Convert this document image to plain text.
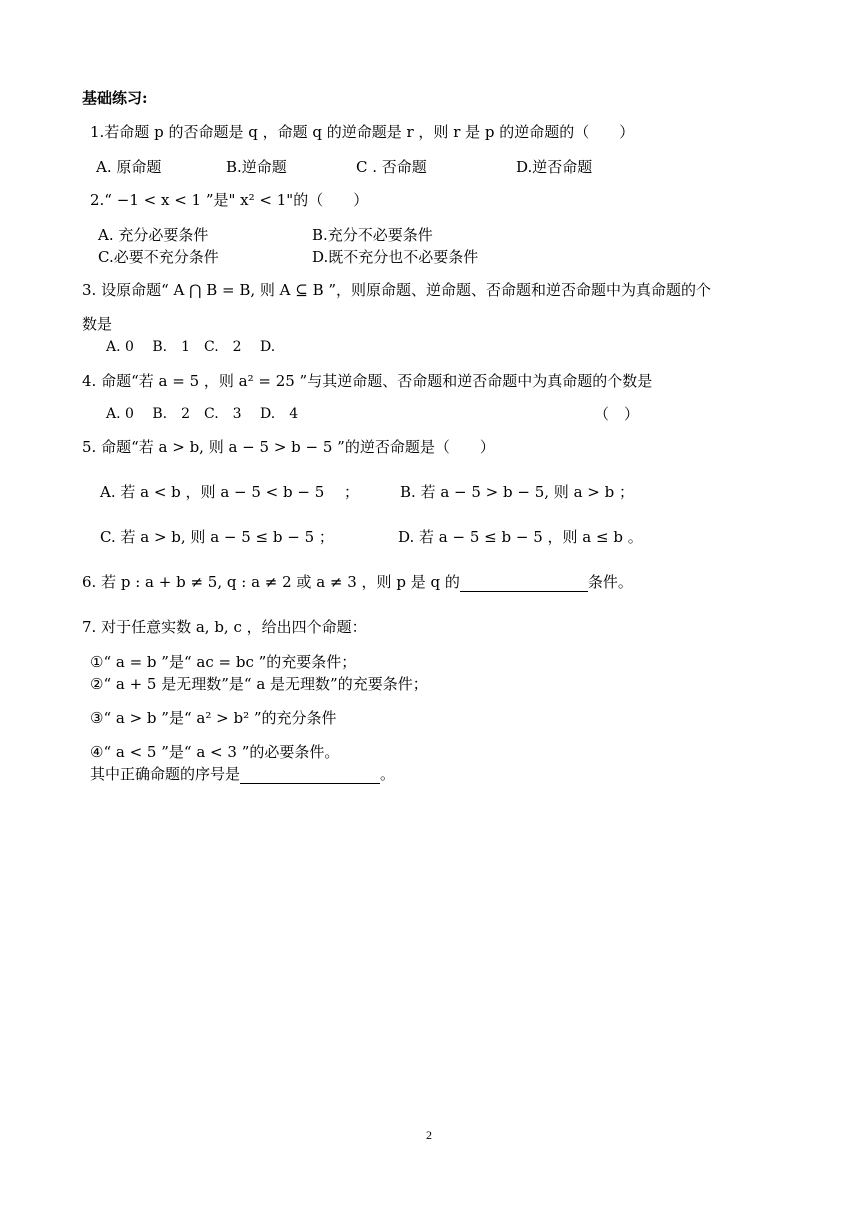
基础练习:
1.若命题 p 的否命题是 q ，命题 q 的逆命题是 r ，则 r 是 p 的逆命题的（　　）
A. 原命题	B.逆命题	C . 否命题	D.逆否命题
2.“ −1 < x < 1 ”是" x² < 1"的（　　）
A. 充分必要条件	B.充分不必要条件
C.必要不充分条件	D.既不充分也不必要条件
3. 设原命题“ A ⋂ B = B, 则 A ⊆ B ”，则原命题、逆命题、否命题和逆否命题中为真命题的个
数是
A. 0　 B.　1　C.　2　 D.
4. 命题“若 a = 5 ，则 a² = 25 ”与其逆命题、否命题和逆否命题中为真命题的个数是
A. 0　 B.　2　C.　3　 D.　4	（　）
5. 命题“若 a > b, 则 a − 5 > b − 5 ”的逆否命题是（　　）
A. 若 a < b ，则 a − 5 < b − 5 　；	B. 若 a − 5 > b − 5, 则 a > b ；
C. 若 a > b, 则 a − 5 ≤ b − 5 ；	D. 若 a − 5 ≤ b − 5 ，则 a ≤ b 。
6. 若 p : a + b ≠ 5, q : a ≠ 2 或 a ≠ 3 ，则 p 是 q 的	条件。
7. 对于任意实数 a, b, c ，给出四个命题：
①“ a = b ”是“ ac = bc ”的充要条件；
②“ a + 5 是无理数”是“ a 是无理数”的充要条件；
③“ a > b ”是“ a² > b² ”的充分条件
④“ a < 5 ”是“ a < 3 ”的必要条件。
其中正确命题的序号是	。
2
